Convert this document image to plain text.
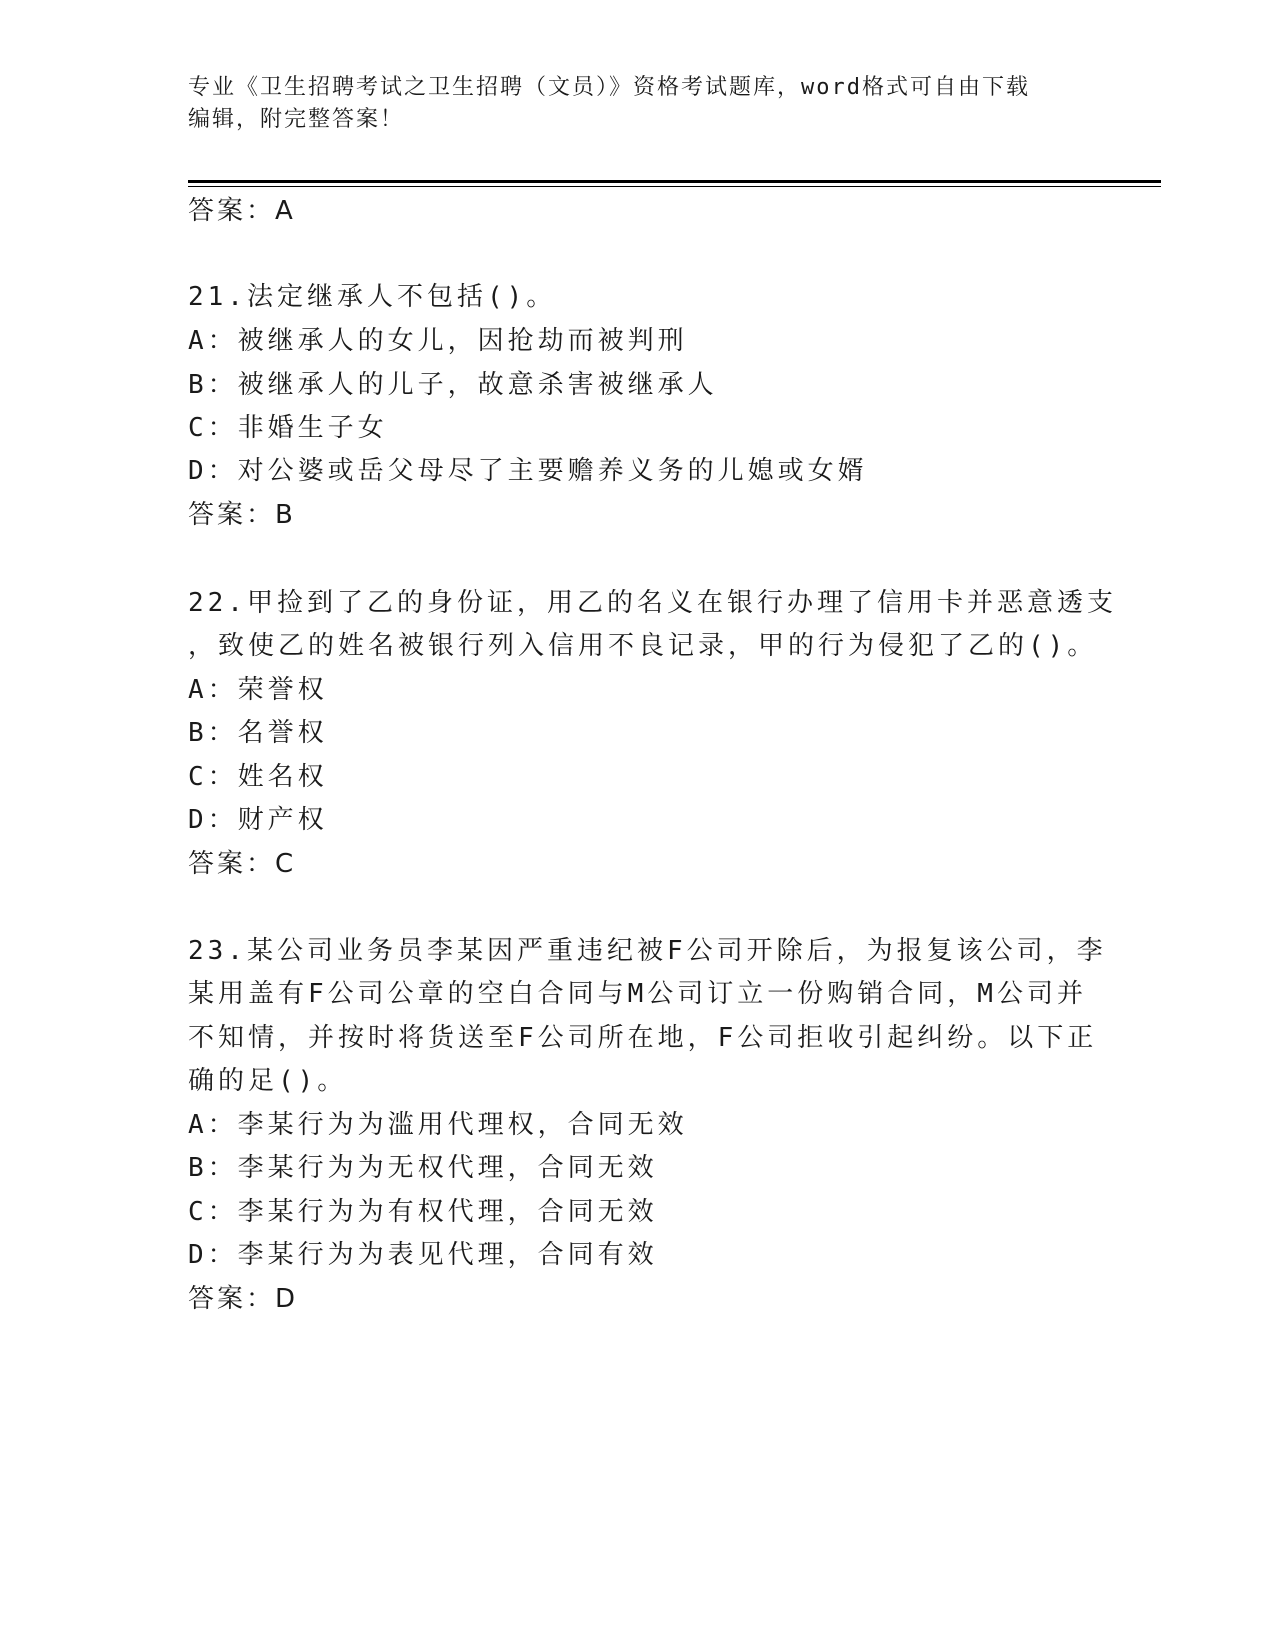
专业《卫生招聘考试之卫生招聘（文员）》资格考试题库，word格式可自由下载
编辑，附完整答案！
答案：A
21.法定继承人不包括()。
A：被继承人的女儿，因抢劫而被判刑
B：被继承人的儿子，故意杀害被继承人
C：非婚生子女
D：对公婆或岳父母尽了主要赡养义务的儿媳或女婿
答案：B
22.甲捡到了乙的身份证，用乙的名义在银行办理了信用卡并恶意透支
，致使乙的姓名被银行列入信用不良记录，甲的行为侵犯了乙的()。
A：荣誉权
B：名誉权
C：姓名权
D：财产权
答案：C
23.某公司业务员李某因严重违纪被F公司开除后，为报复该公司，李
某用盖有F公司公章的空白合同与M公司订立一份购销合同，M公司并
不知情，并按时将货送至F公司所在地，F公司拒收引起纠纷。以下正
确的足()。
A：李某行为为滥用代理权，合同无效
B：李某行为为无权代理，合同无效
C：李某行为为有权代理，合同无效
D：李某行为为表见代理，合同有效
答案：D
